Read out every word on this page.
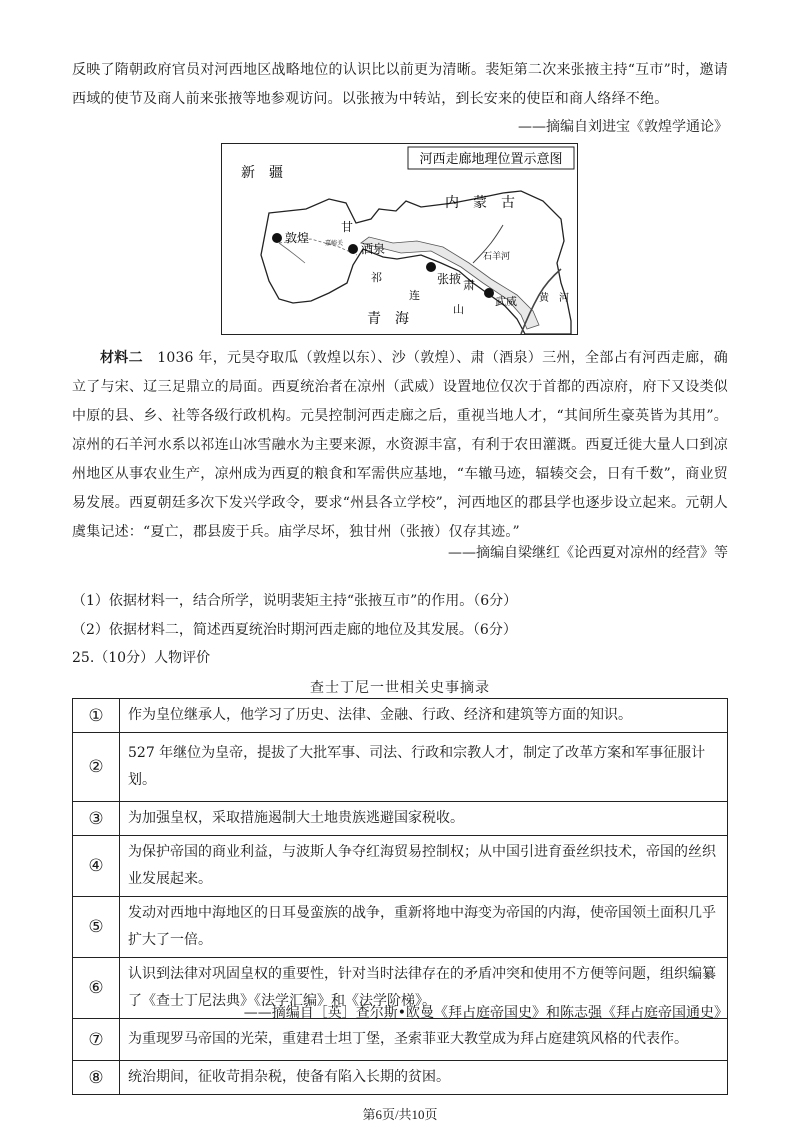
反映了隋朝政府官员对河西地区战略地位的认识比以前更为清晰。裴矩第二次来张掖主持“互市”时，邀请西域的使节及商人前来张掖等地参观访问。以张掖为中转站，到长安来的使臣和商人络绎不绝。

——摘编自刘进宝《敦煌学通论》
河西走廊地理位置示意图
新　疆
内　蒙　古
甘
肃
青　海
祁
连
山
敦煌	嘉峪关 酒泉
张掖
武威
石羊河
黄　河

材料二　 1036 年，元昊夺取瓜（敦煌以东）、沙（敦煌）、肃（酒泉）三州，全部占有河西走廊，确立了与宋、辽三足鼎立的局面。西夏统治者在凉州（武威）设置地位仅次于首都的西凉府，府下又设类似中原的县、乡、社等各级行政机构。元昊控制河西走廊之后，重视当地人才，“其间所生豪英皆为其用”。凉州的石羊河水系以祁连山冰雪融水为主要来源，水资源丰富，有利于农田灌溉。西夏迁徙大量人口到凉州地区从事农业生产，凉州成为西夏的粮食和军需供应基地，“车辙马迹，辐辏交会，日有千数”，商业贸易发展。西夏朝廷多次下发兴学政令，要求“州县各立学校”，河西地区的郡县学也逐步设立起来。元朝人虞集记述：“夏亡，郡县废于兵。庙学尽坏，独甘州（张掖）仅存其迹。”

——摘编自梁继红《论西夏对凉州的经营》等
（1）依据材料一，结合所学，说明裴矩主持“张掖互市”的作用。（6分）
（2）依据材料二，简述西夏统治时期河西走廊的地位及其发展。（6分）
25.（10分）人物评价
查士丁尼一世相关史事摘录
①	作为皇位继承人，他学习了历史、法律、金融、行政、经济和建筑等方面的知识。
②	527 年继位为皇帝，提拔了大批军事、司法、行政和宗教人才，制定了改革方案和军事征服计划。
③	为加强皇权，采取措施遏制大土地贵族逃避国家税收。
④	为保护帝国的商业利益，与波斯人争夺红海贸易控制权；从中国引进育蚕丝织技术，帝国的丝织业发展起来。
⑤	发动对西地中海地区的日耳曼蛮族的战争，重新将地中海变为帝国的内海，使帝国领土面积几乎扩大了一倍。
⑥	认识到法律对巩固皇权的重要性，针对当时法律存在的矛盾冲突和使用不方便等问题，组织编纂了《查士丁尼法典》《法学汇编》和《法学阶梯》。
⑦	为重现罗马帝国的光荣，重建君士坦丁堡，圣索菲亚大教堂成为拜占庭建筑风格的代表作。
⑧	统治期间，征收苛捐杂税，使备有陷入长期的贫困。
——摘编自［英］查尔斯•欧曼《拜占庭帝国史》和陈志强《拜占庭帝国通史》
第6页/共10页
